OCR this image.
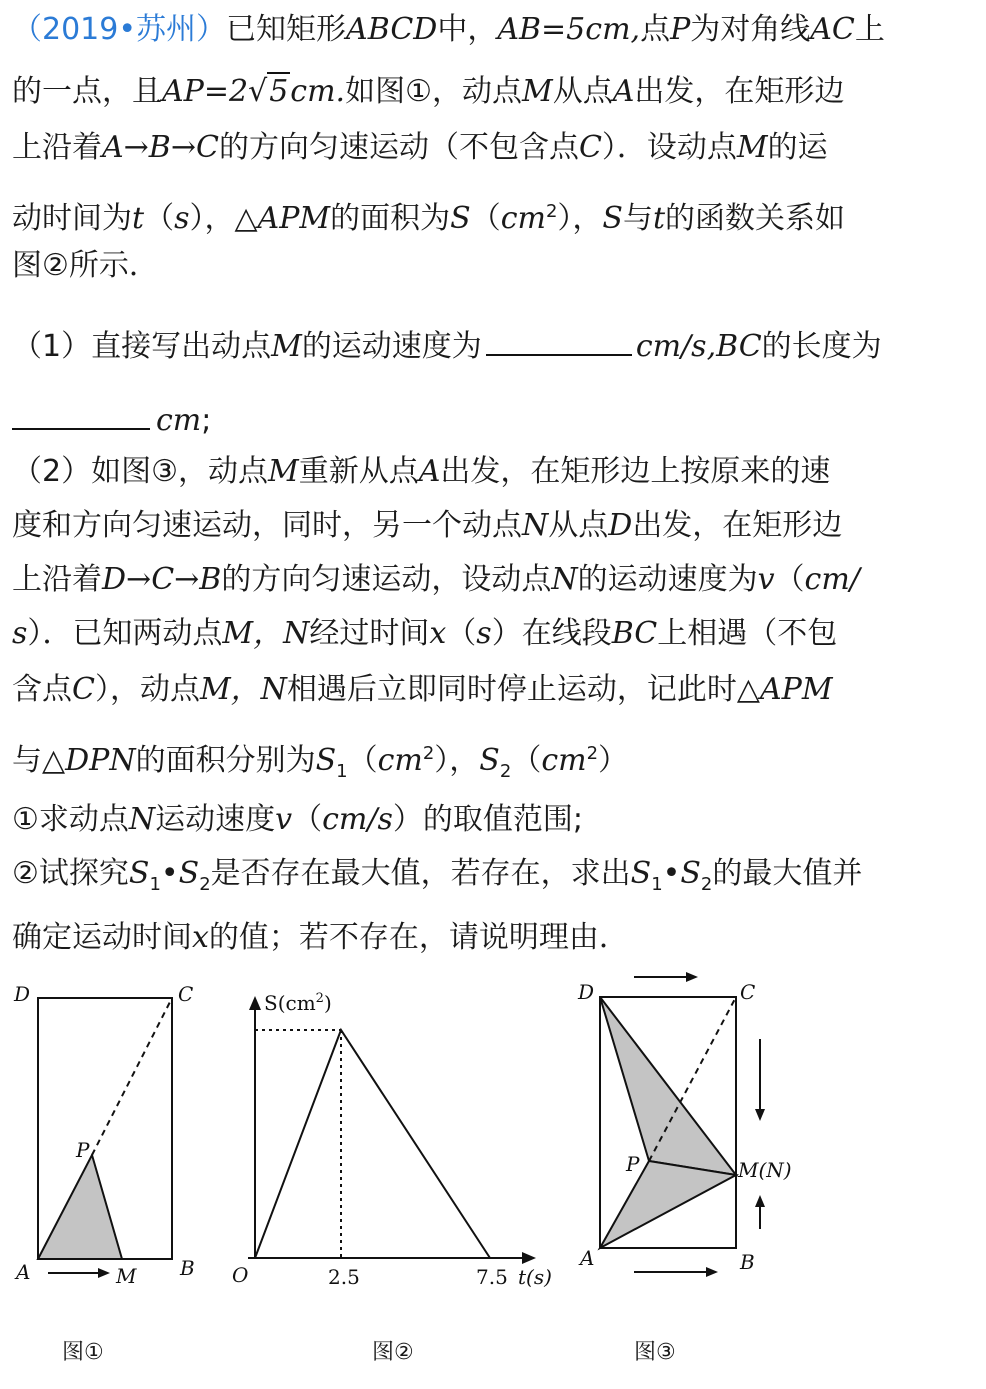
（2019•苏州）已知矩形ABCD中，AB=5cm,点P为对角线AC上
的一点，且AP=2√5cm.如图①，动点M从点A出发，在矩形边
上沿着A→B→C的方向匀速运动（不包含点C）．设动点M的运
动时间为t（s），△APM的面积为$S(cm^2)$，S与t的函数关系如
图②所示．
（1）直接写出动点M的运动速度为	cm/s,BC的长度为
cm;
（2）如图③，动点M重新从点A出发，在矩形边上按原来的速
度和方向匀速运动，同时，另一个动点N从点D出发，在矩形边
上沿着D→C→B的方向匀速运动，设动点N的运动速度为v（cm/
s）．已知两动点M，N经过时间x（s）在线段BC上相遇（不包
含点C），动点M，N相遇后立即同时停止运动，记此时△APM
与△DPN的面积分别为$S_1(cm^2)$，$S_2(cm^2)$
①求动点N运动速度v（cm/s）的取值范围;
②试探究$S_1•S_2$是否存在最大值，若存在，求出$S_1•S_2$的最大值并
确定运动时间x的值；若不存在，请说明理由．
D	C
P
A	B
M
图①
$S(cm^2)$
O	2.5	7.5 t(s)
图②
D	C
P
A	B
M(N)
图③
